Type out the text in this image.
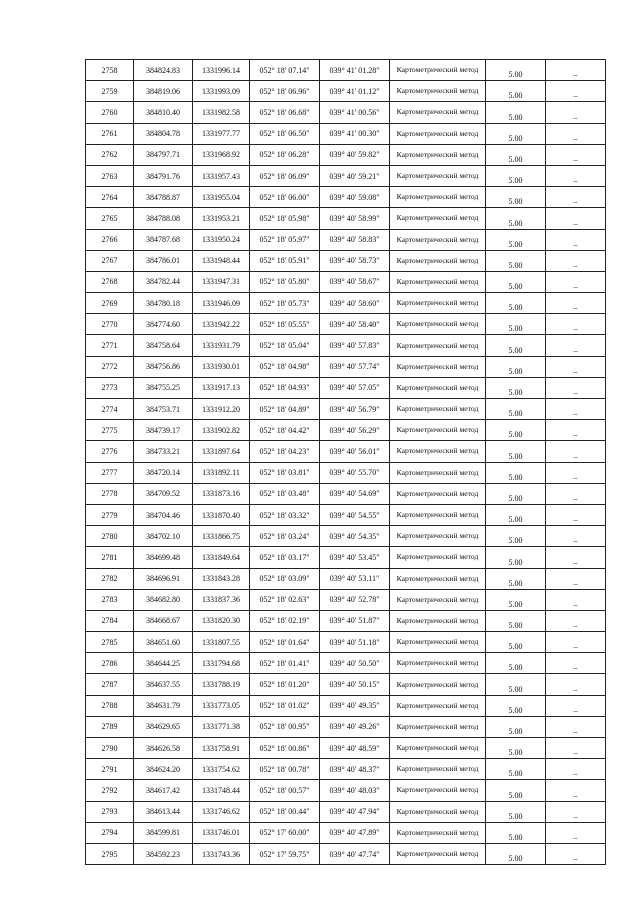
2758	384824.83	1331996.14	052° 18' 07.14"	039° 41' 01.28"	Картометрический метод	5.00	–
2759	384819.06	1331993.09	052° 18' 06.96"	039° 41' 01.12"	Картометрический метод	5.00	–
2760	384810.40	1331982.58	052° 18' 06.68"	039° 41' 00.56"	Картометрический метод	5.00	–
2761	384804.78	1331977.77	052° 18' 06.50"	039° 41' 00.30"	Картометрический метод	5.00	–
2762	384797.71	1331968.92	052° 18' 06.28"	039° 40' 59.82"	Картометрический метод	5.00	–
2763	384791.76	1331957.43	052° 18' 06.09"	039° 40' 59.21"	Картометрический метод	5.00	–
2764	384788.87	1331955.04	052° 18' 06.00"	039° 40' 59.08"	Картометрический метод	5.00	–
2765	384788.08	1331953.21	052° 18' 05.98"	039° 40' 58.99"	Картометрический метод	5.00	–
2766	384787.68	1331950.24	052° 18' 05.97"	039° 40' 58.83"	Картометрический метод	5.00	–
2767	384786.01	1331948.44	052° 18' 05.91"	039° 40' 58.73"	Картометрический метод	5.00	–
2768	384782.44	1331947.31	052° 18' 05.80"	039° 40' 58.67"	Картометрический метод	5.00	–
2769	384780.18	1331946.09	052° 18' 05.73"	039° 40' 58.60"	Картометрический метод	5.00	–
2770	384774.60	1331942.22	052° 18' 05.55"	039° 40' 58.40"	Картометрический метод	5.00	–
2771	384758.64	1331931.79	052° 18' 05.04"	039° 40' 57.83"	Картометрический метод	5.00	–
2772	384756.86	1331930.01	052° 18' 04.98"	039° 40' 57.74"	Картометрический метод	5.00	–
2773	384755.25	1331917.13	052° 18' 04.93"	039° 40' 57.05"	Картометрический метод	5.00	–
2774	384753.71	1331912.20	052° 18' 04.89"	039° 40' 56.79"	Картометрический метод	5.00	–
2775	384739.17	1331902.82	052° 18' 04.42"	039° 40' 56.29"	Картометрический метод	5.00	–
2776	384733.21	1331897.64	052° 18' 04.23"	039° 40' 56.01"	Картометрический метод	5.00	–
2777	384720.14	1331892.11	052° 18' 03.81"	039° 40' 55.70"	Картометрический метод	5.00	–
2778	384709.52	1331873.16	052° 18' 03.48"	039° 40' 54.69"	Картометрический метод	5.00	–
2779	384704.46	1331870.40	052° 18' 03.32"	039° 40' 54.55"	Картометрический метод	5.00	–
2780	384702.10	1331866.75	052° 18' 03.24"	039° 40' 54.35"	Картометрический метод	5.00	–
2781	384699.48	1331849.64	052° 18' 03.17"	039° 40' 53.45"	Картометрический метод	5.00	–
2782	384696.91	1331843.28	052° 18' 03.09"	039° 40' 53.11"	Картометрический метод	5.00	–
2783	384682.80	1331837.36	052° 18' 02.63"	039° 40' 52.78"	Картометрический метод	5.00	–
2784	384668.67	1331820.30	052° 18' 02.19"	039° 40' 51.87"	Картометрический метод	5.00	–
2785	384651.60	1331807.55	052° 18' 01.64"	039° 40' 51.18"	Картометрический метод	5.00	–
2786	384644.25	1331794.68	052° 18' 01.41"	039° 40' 50.50"	Картометрический метод	5.00	–
2787	384637.55	1331788.19	052° 18' 01.20"	039° 40' 50.15"	Картометрический метод	5.00	–
2788	384631.79	1331773.05	052° 18' 01.02"	039° 40' 49.35"	Картометрический метод	5.00	–
2789	384629.65	1331771.38	052° 18' 00.95"	039° 40' 49.26"	Картометрический метод	5.00	–
2790	384626.58	1331758.91	052° 18' 00.86"	039° 40' 48.59"	Картометрический метод	5.00	–
2791	384624.20	1331754.62	052° 18' 00.78"	039° 40' 48.37"	Картометрический метод	5.00	–
2792	384617.42	1331748.44	052° 18' 00.57"	039° 40' 48.03"	Картометрический метод	5.00	–
2793	384613.44	1331746.62	052° 18' 00.44"	039° 40' 47.94"	Картометрический метод	5.00	–
2794	384599.81	1331746.01	052° 17' 60.00"	039° 40' 47.89"	Картометрический метод	5.00	–
2795	384592.23	1331743.36	052° 17' 59.75"	039° 40' 47.74"	Картометрический метод	5.00	–
